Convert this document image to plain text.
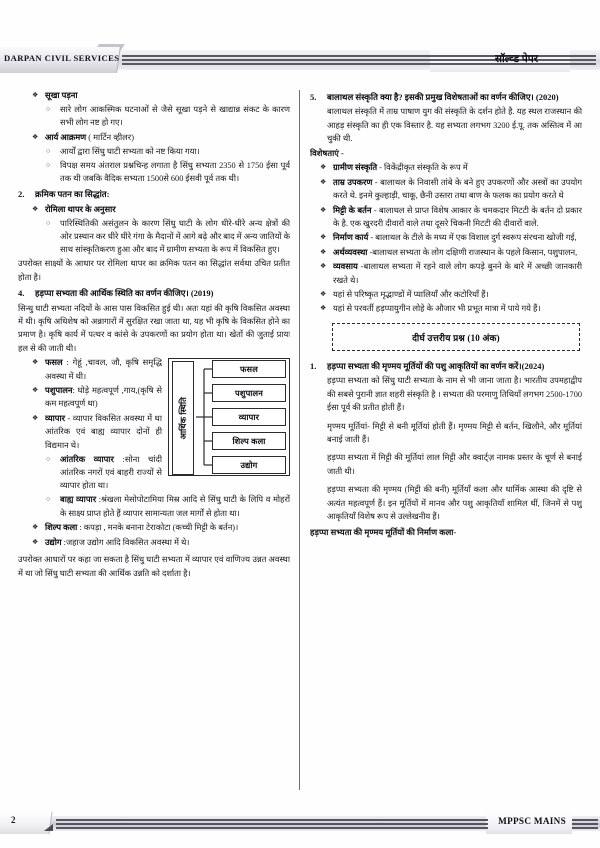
DARPAN CIVIL SERVICES	सॉल्व्ड पेपर
❖ सूखा पड़ना
○	सारे लोग आकस्मिक घटनाओं से जैसे सूखा पड़ने से खाद्यान्न संकट के कारण सभी लोग नष्ट हो गए।
❖ आर्य आक्रमण ( मार्टिन व्हीलर)
○	आर्यों द्वारा सिंधु घाटी सभ्यता को नष्ट किया गया।
○	विपक्ष समय अंतराल प्रश्नचिन्ह लगाता है सिंधु सभ्यता 2350 से 1750 ईसा पूर्व तक थी जबकि वैदिक सभ्यता 1500से 600 ईसवी पूर्व तक थी।
2.	क्रमिक पतन का सिद्धांत:
❖ रोमिला थापर के अनुसार
○	पारिस्थितिकी असंतुलन के कारण सिंधु घाटी के लोग धीरे-धीरे अन्य क्षेत्रों की ओर प्रस्थान कर धीरे धीरे गंगा के मैदानों में आगे बढ़े और बाद में अन्य जातियों के साथ सांस्कृतिकरण हुआ और बाद में ग्रामीण सभ्यता के रूप में विकसित हुए।
उपरोक्त साक्ष्यों के आधार पर रोमिला थापर का क्रमिक पतन का सिद्धांत सर्वथा उचित प्रतीत होता है।
4.	हड़प्पा सभ्यता की आर्थिक स्थिति का वर्णन कीजिए। (2019)
सिन्धु घाटी सभ्यता नदियों के आस पास विकसित हुई थी। अतः यहां की कृषि विकसित अवस्था में थी। कृषि अधिशेष को अन्नागारों में सुरक्षित रखा जाता था, यह भी कृषि के विकसित होने का प्रमाण है। कृषि कार्य में पत्थर व कांसे के उपकरणों का प्रयोग होता था। खेतों की जुताई प्रायः हल से की जाती थी।
आर्थिक स्थिति
फसल
पशुपालन
व्यापार
शिल्प कला
उद्योग
❖ फसल : गेहूं ,चावल, जौ, कृषि समृद्धि अवस्था में थी।
❖ पशुपालन: घोड़े महत्वपूर्ण ,गाय,(कृषि से कम महत्वपूर्ण था)
❖ व्यापार - व्यापार विकसित अवस्था में था आंतरिक एवं बाह्य व्यापार दोनों ही विद्यमान थे।
○	आंतरिक व्यापार :सोना चांदी आंतरिक नगरों एवं बाहरी राज्यों से व्यापार होता था।
○	बाह्य व्यापार :श्रंखला मेसोपोटामिया मिस्र आदि से सिंधु घाटी के लिपि व मोहरों के साक्ष्य प्राप्त होते हैं व्यापार सामान्यता जल मार्गों से होता था।
❖ शिल्प कला : कपड़ा , मनके बनाना टेराकोटा (कच्ची मिट्टी के बर्तन)।
❖ उद्योग :जहाज उद्योग आदि विकसित अवस्था में थे।
उपरोक्त आधारों पर कहा जा सकता है सिंधु घाटी सभ्यता में व्यापार एवं वाणिज्य उन्नत अवस्था में था जो सिंधु घाटी सभ्यता की आर्थिक उन्नति को दर्शाता है।
5.	बालाथल संस्कृति क्या है? इसकी प्रमुख विशेषताओं का वर्णन कीजिए। (2020)
बालाथल संस्कृति में ताम्र पाषाण युग की संस्कृति के दर्शन होते है. यह स्थल राजस्थान की आहड़ संस्कृति का ही एक विस्तार है. यह सभ्यता लगभग 3200 ई.पू. तक अस्तित्व में आ चुकी थी.
विशेषताएं -
❖ ग्रामीण संस्कृति - विकेंद्रीकृत संस्कृति के रूप में
❖ ताम्र उपकरण - बालाथल के निवासी तांबे के बने हुए उपकरणों और अस्त्रों का उपयोग करते थे. इनमे कुल्हाड़ी, चाकू, छैनी उस्तरा तथा बाण के फलक का प्रयोग करते थे
❖ मिट्टी के बर्तन - बालाथल से प्राप्त विशेष आकार के चमकदार मिटटी के बर्तन दो प्रकार के है. एक खुरदरी दीवारों वाले तथा दूसरे चिकनी मिटटी की दीवारों वाले.
❖ निर्माण कार्य - बालाथल के टीले के मध्य में एक विशाल दुर्ग स्वरूप संरचना खोजी गई,
❖ अर्थव्यवस्था -बालाथल सभ्यता के लोग दक्षिणी राजस्थान के पहले किसान, पशुपालन,
❖ व्यवसाय -बालाथल सभ्यता में रहने वाले लोग कपड़े बुनने के बारे में अच्छी जानकारी रखते थे।
❖ यहां से परिष्कृत मृद्भाण्डों में प्यालियाँ और कटोरियाँ हैं।
❖ यहां से परवर्ती हड़प्पायुगीन लोहे के औजार भी प्रभूत मात्रा में पाये गये हैं।
दीर्घ उत्तरीय प्रश्न (10 अंक)
1.	हड़प्पा सभ्यता की मृण्मय मूर्तियों की पशु आकृतियों का वर्णन करें।(2024)
हड़प्पा सभ्यता को सिंधु घाटी सभ्यता के नाम से भी जाना जाता है। भारतीय उपमहाद्वीप की सबसे पुरानी ज्ञात शहरी संस्कृति है । सभ्यता की परमाणु तिथियाँ लगभग 2500-1700 ईसा पूर्व की प्रतीत होती हैं।
मृण्मय मूर्तियां- मिट्टी से बनी मूर्तियां होती हैं। मृण्मय मिट्टी से बर्तन, खिलौने, और मूर्तियां बनाई जाती हैं।
हड़प्पा सभ्यता में मिट्टी की मूर्तियां लाल मिट्टी और क्वार्ट्ज़ नामक प्रस्तर के चूर्ण से बनाई जाती थी।
हड़प्पा सभ्यता की मृण्मय (मिट्टी की बनी) मूर्तियाँ कला और धार्मिक आस्था की दृष्टि से अत्यंत महत्वपूर्ण हैं। इन मूर्तियों में मानव और पशु आकृतियाँ शामिल थीं, जिनमें से पशु आकृतियाँ विशेष रूप से उल्लेखनीय हैं।
हड़प्पा सभ्यता की मृण्मय मूर्तियों की निर्माण कला-
2	MPPSC MAINS
